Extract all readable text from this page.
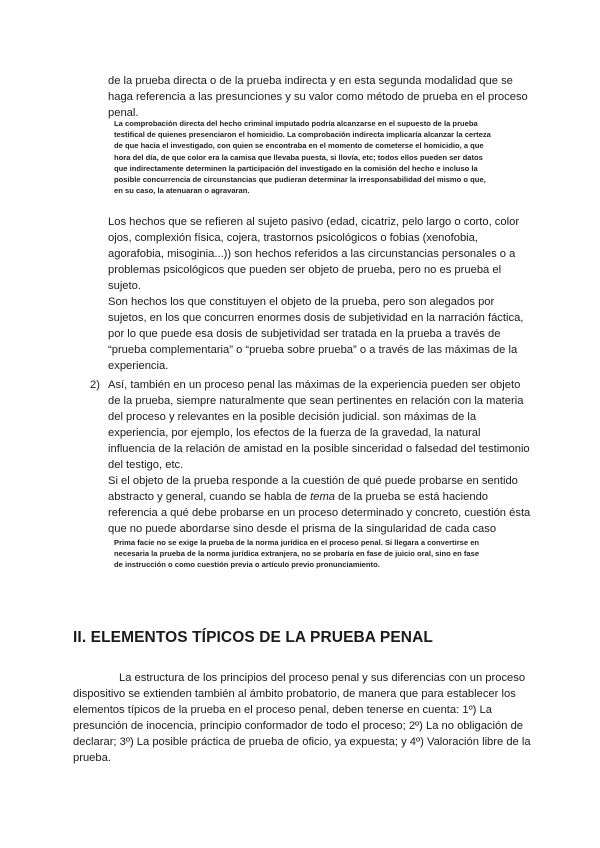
de la prueba directa o de la prueba indirecta y en esta segunda modalidad que se
haga referencia a las presunciones y su valor como método de prueba en el proceso
penal.
La comprobación directa del hecho criminal imputado podría alcanzarse en el supuesto de la prueba
testifical de quienes presenciaron el homicidio. La comprobación indirecta implicaría alcanzar la certeza
de que hacia el investigado, con quien se encontraba en el momento de cometerse el homicidio, a que
hora del día, de que color era la camisa que llevaba puesta, si llovía, etc; todos ellos pueden ser datos
que indirectamente determinen la participación del investigado en la comisión del hecho e incluso la
posible concurrencia de circunstancias que pudieran determinar la irresponsabilidad del mismo o que,
en su caso, la atenuaran o agravaran.
Los hechos que se refieren al sujeto pasivo (edad, cicatriz, pelo largo o corto, color
ojos, complexión física, cojera, trastornos psicológicos o fobias (xenofobia,
agorafobia, misoginia...)) son hechos referidos a las circunstancias personales o a
problemas psicológicos que pueden ser objeto de prueba, pero no es prueba el
sujeto.
Son hechos los que constituyen el objeto de la prueba, pero son alegados por
sujetos, en los que concurren enormes dosis de subjetividad en la narración fáctica,
por lo que puede esa dosis de subjetividad ser tratada en la prueba a través de
“prueba complementaria” o “prueba sobre prueba” o a través de las máximas de la
experiencia.
2) Así, también en un proceso penal las máximas de la experiencia pueden ser objeto
de la prueba, siempre naturalmente que sean pertinentes en relación con la materia
del proceso y relevantes en la posible decisión judicial. son máximas de la
experiencia, por ejemplo, los efectos de la fuerza de la gravedad, la natural
influencia de la relación de amistad en la posible sinceridad o falsedad del testimonio
del testigo, etc.
Si el objeto de la prueba responde a la cuestión de qué puede probarse en sentido
abstracto y general, cuando se habla de tema de la prueba se está haciendo
referencia a qué debe probarse en un proceso determinado y concreto, cuestión ésta
que no puede abordarse sino desde el prisma de la singularidad de cada caso
Prima facie no se exige la prueba de la norma jurídica en el proceso penal. Si llegara a convertirse en
necesaria la prueba de la norma jurídica extranjera, no se probaría en fase de juicio oral, sino en fase
de instrucción o como cuestión previa o artículo previo pronunciamiento.
II. ELEMENTOS TÍPICOS DE LA PRUEBA PENAL
La estructura de los principios del proceso penal y sus diferencias con un proceso
dispositivo se extienden también al ámbito probatorio, de manera que para establecer los
elementos típicos de la prueba en el proceso penal, deben tenerse en cuenta: 1º) La
presunción de inocencia, principio conformador de todo el proceso; 2º) La no obligación de
declarar; 3º) La posible práctica de prueba de oficio, ya expuesta; y 4º) Valoración libre de la
prueba.
